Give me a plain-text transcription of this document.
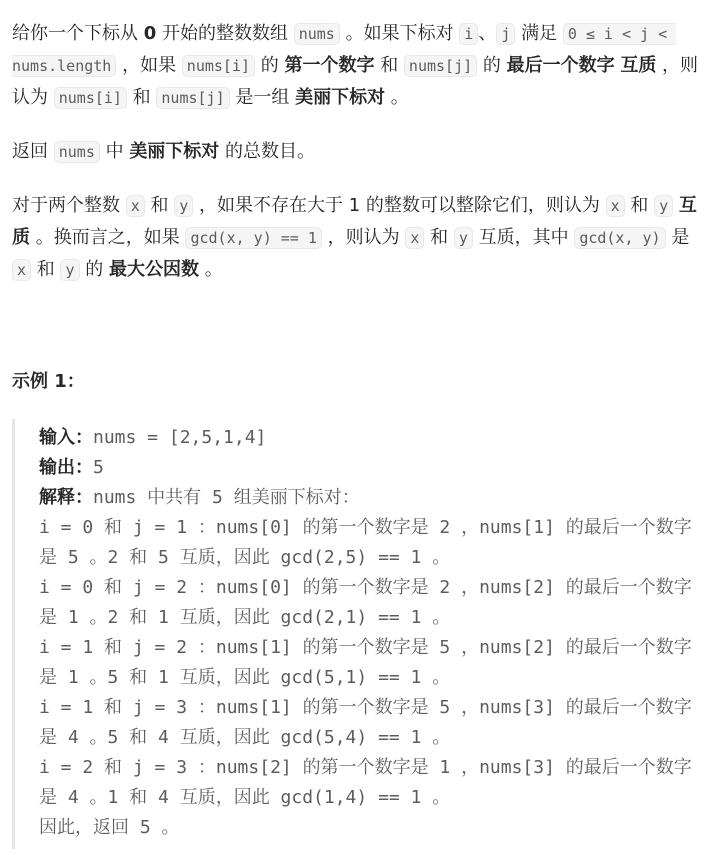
给你一个下标从 0 开始的整数数组 nums 。如果下标对 i 、 j 满足 0 ≤ i < j < nums.length ，如果 nums[i] 的 第一个数字 和 nums[j] 的 最后一个数字 互质 ，则认为 nums[i] 和 nums[j] 是一组 美丽下标对 。

返回 nums 中 美丽下标对 的总数目。

对于两个整数 x 和 y ，如果不存在大于 1 的整数可以整除它们，则认为 x 和 y 互质 。换而言之，如果 gcd(x, y) == 1 ，则认为 x 和 y 互质，其中 gcd(x, y) 是 x 和 y 的 最大公因数 。

示例 1：
输入：nums = [2,5,1,4]
输出：5
解释：nums 中共有 5 组美丽下标对：
i = 0 和 j = 1 ：nums[0] 的第一个数字是 2 ，nums[1] 的最后一个数字是 5 。2 和 5 互质，因此 gcd(2,5) == 1 。
i = 0 和 j = 2 ：nums[0] 的第一个数字是 2 ，nums[2] 的最后一个数字是 1 。2 和 1 互质，因此 gcd(2,1) == 1 。
i = 1 和 j = 2 ：nums[1] 的第一个数字是 5 ，nums[2] 的最后一个数字是 1 。5 和 1 互质，因此 gcd(5,1) == 1 。
i = 1 和 j = 3 ：nums[1] 的第一个数字是 5 ，nums[3] 的最后一个数字是 4 。5 和 4 互质，因此 gcd(5,4) == 1 。
i = 2 和 j = 3 ：nums[2] 的第一个数字是 1 ，nums[3] 的最后一个数字是 4 。1 和 4 互质，因此 gcd(1,4) == 1 。
因此，返回 5 。
